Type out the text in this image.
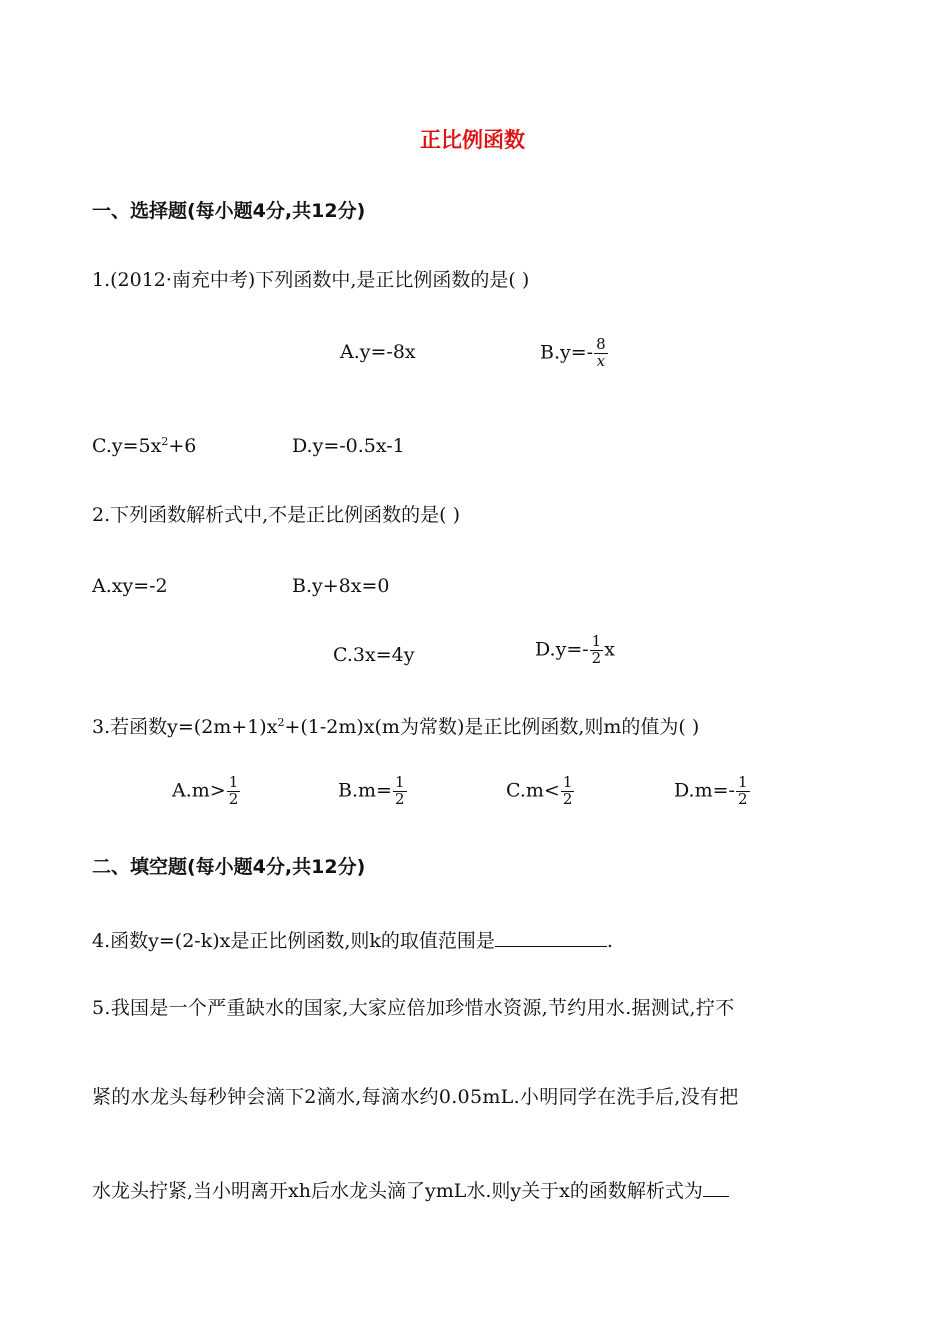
正比例函数
一、选择题(每小题4分,共12分)
1.(2012·南充中考)下列函数中,是正比例函数的是( )
A.y=-8x	$B.y=- \frac{8}{x}$
$C.y=5x^2+6$	D.y=-0.5x-1
2.下列函数解析式中,不是正比例函数的是( )
A.xy=-2	B.y+8x=0
C.3x=4y	$D.y=- \frac{1}{2}$ x
3.若函数$y=(2m+1)x^2+(1-2m)x(m$为常数)是正比例函数,则m的值为( )
$A.m> \frac{1}{2}$	$B.m= \frac{1}{2}$	$C.m< \frac{1}{2}$	$D.m=- \frac{1}{2}$
二、填空题(每小题4分,共12分)
4.函数y=(2-k)x是正比例函数,则k的取值范围是	.
5.我国是一个严重缺水的国家,大家应倍加珍惜水资源,节约用水.据测试,拧不
紧的水龙头每秒钟会滴下2滴水,每滴水约0.05mL.小明同学在洗手后,没有把
水龙头拧紧,当小明离开xh后水龙头滴了ymL水.则y关于x的函数解析式为
